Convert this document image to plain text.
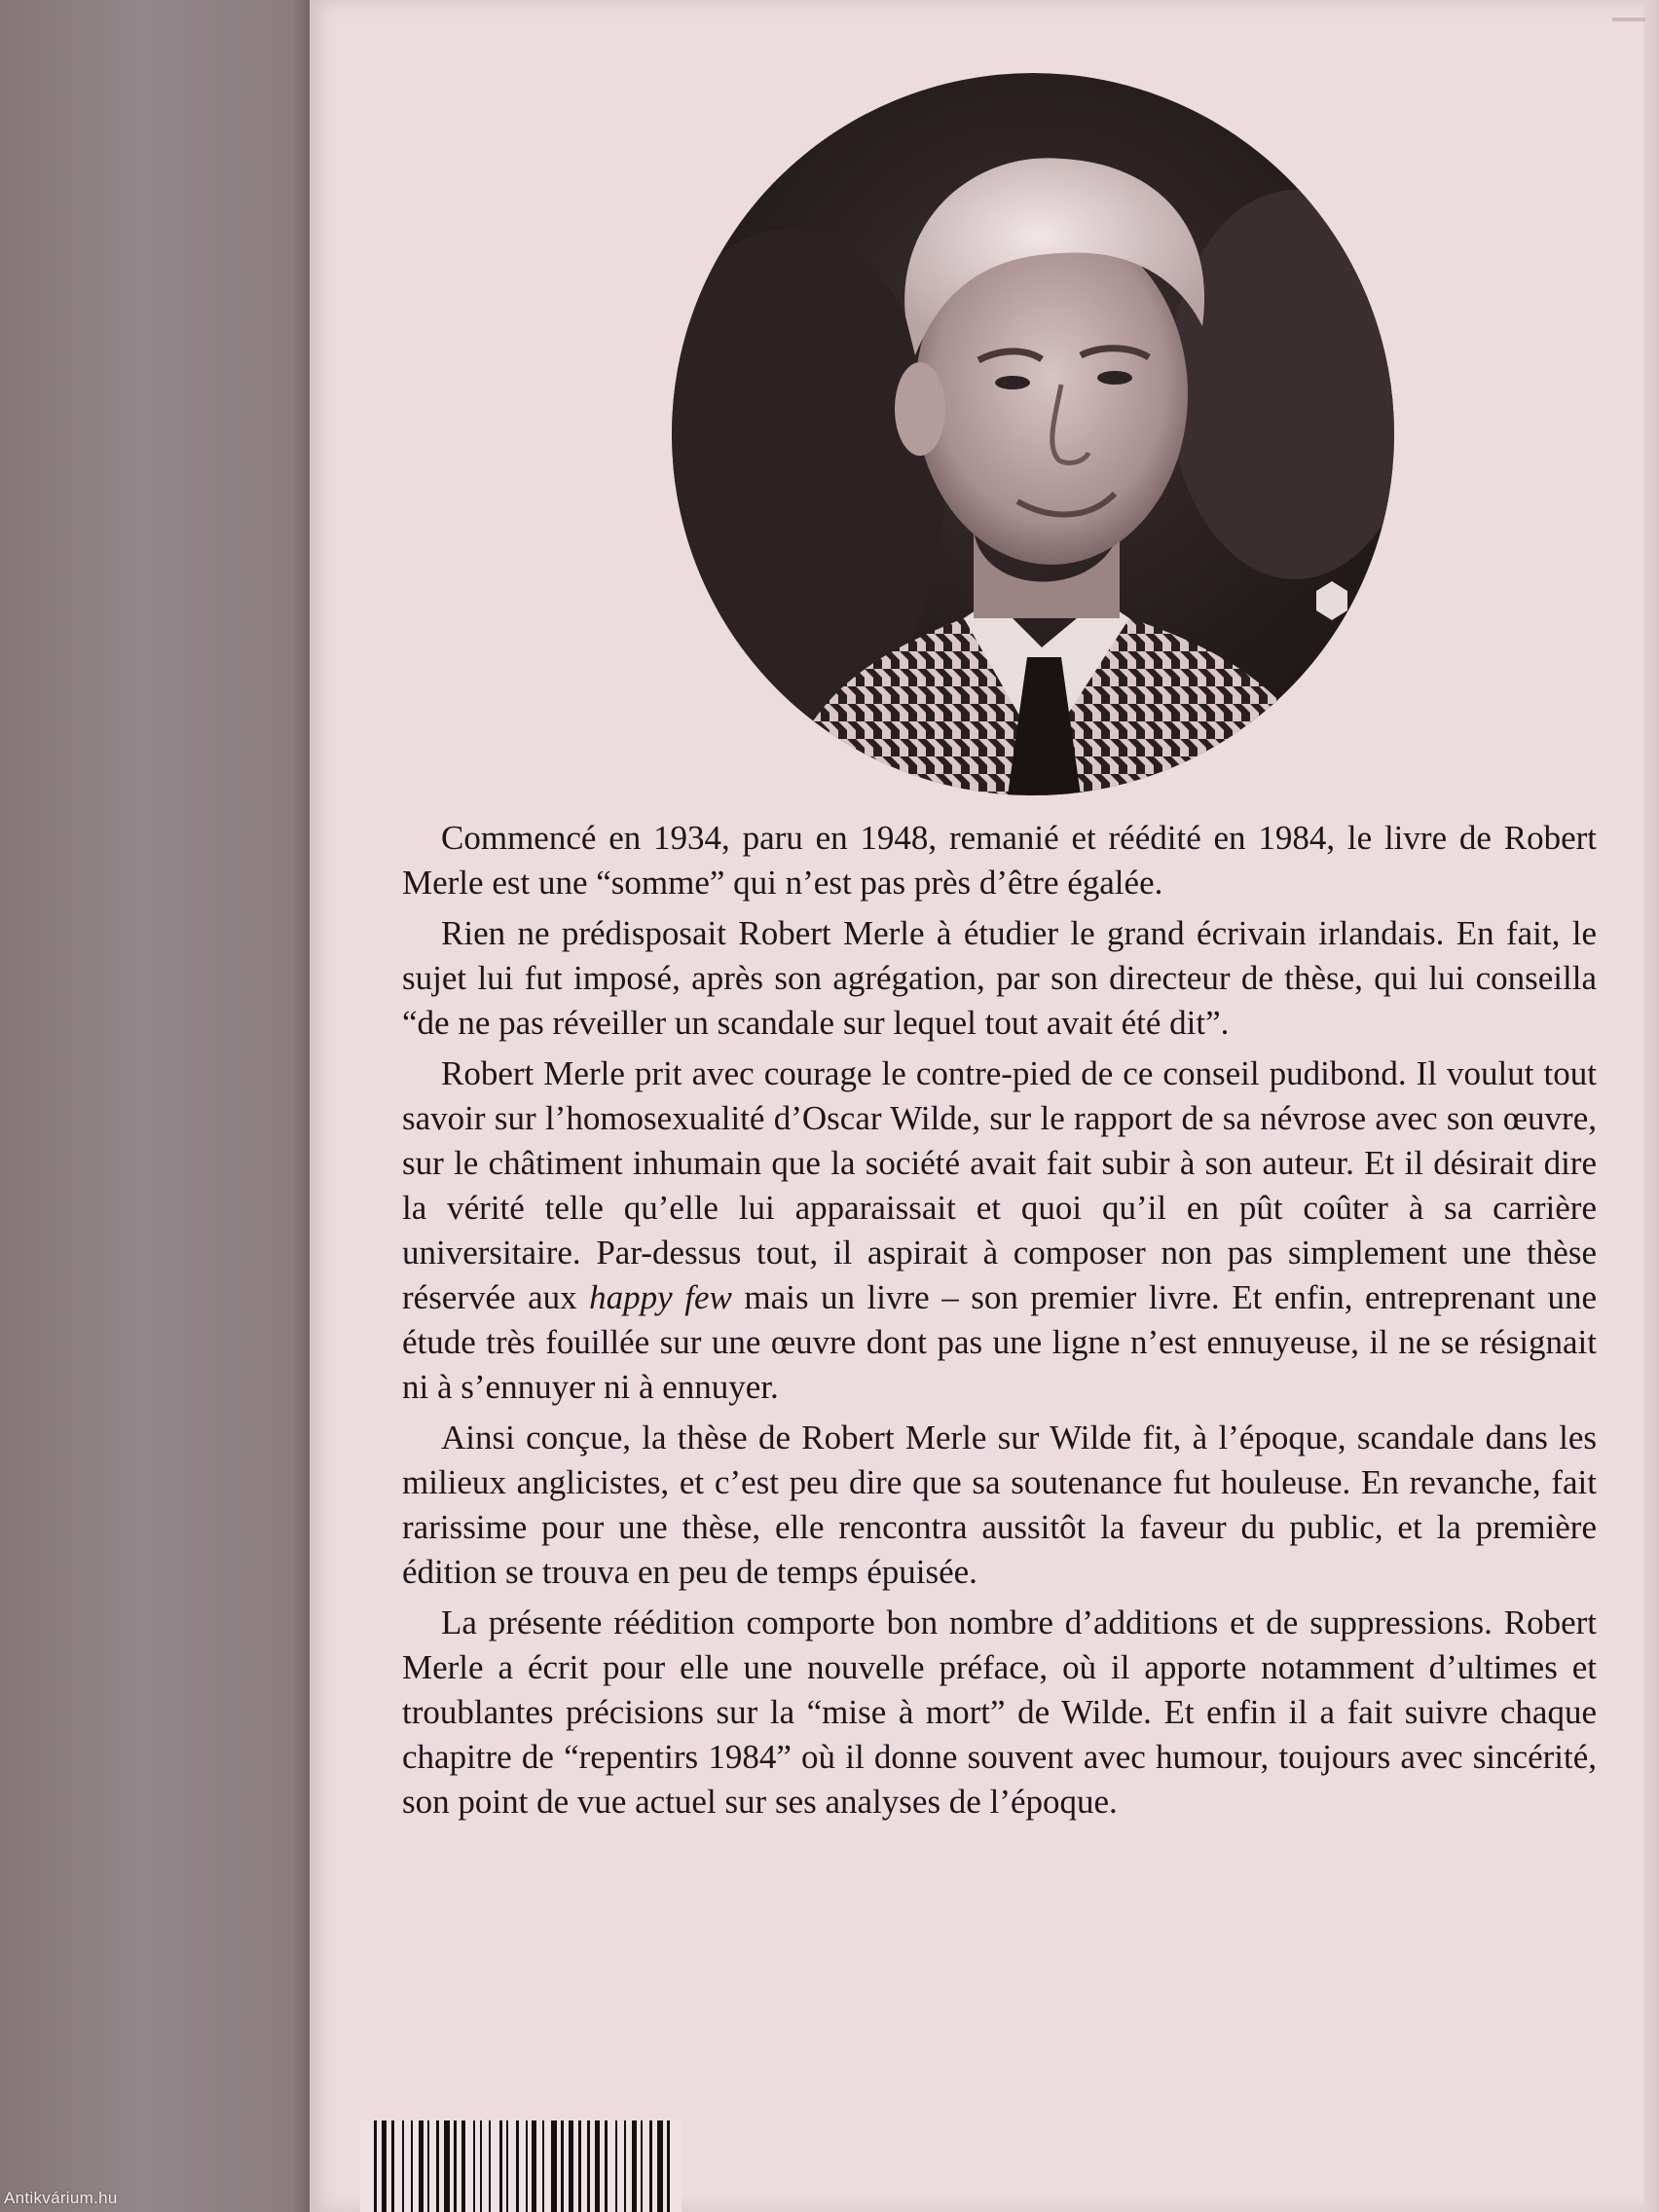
Commencé en 1934, paru en 1948, remanié et réédité en 1984, le livre de Robert Merle est une “somme” qui n’est pas près d’être égalée.

Rien ne prédisposait Robert Merle à étudier le grand écrivain irlandais. En fait, le sujet lui fut imposé, après son agrégation, par son directeur de thèse, qui lui conseilla “de ne pas réveiller un scandale sur lequel tout avait été dit”.

Robert Merle prit avec courage le contre-pied de ce conseil pudibond. Il voulut tout savoir sur l’homosexualité d’Oscar Wilde, sur le rapport de sa névrose avec son œuvre, sur le châtiment inhumain que la société avait fait subir à son auteur. Et il désirait dire la vérité telle qu’elle lui apparaissait et quoi qu’il en pût coûter à sa carrière universitaire. Par-dessus tout, il aspirait à composer non pas simplement une thèse réservée aux happy few mais un livre – son premier livre. Et enfin, entreprenant une étude très fouillée sur une œuvre dont pas une ligne n’est ennuyeuse, il ne se résignait ni à s’ennuyer ni à ennuyer.

Ainsi conçue, la thèse de Robert Merle sur Wilde fit, à l’époque, scandale dans les milieux anglicistes, et c’est peu dire que sa soutenance fut houleuse. En revanche, fait rarissime pour une thèse, elle rencontra aussitôt la faveur du public, et la première édition se trouva en peu de temps épuisée.

La présente réédition comporte bon nombre d’additions et de suppressions. Robert Merle a écrit pour elle une nouvelle préface, où il apporte notamment d’ultimes et troublantes précisions sur la “mise à mort” de Wilde. Et enfin il a fait suivre chaque chapitre de “repentirs 1984” où il donne souvent avec humour, toujours avec sincérité, son point de vue actuel sur ses analyses de l’époque.

Antikvárium.hu
